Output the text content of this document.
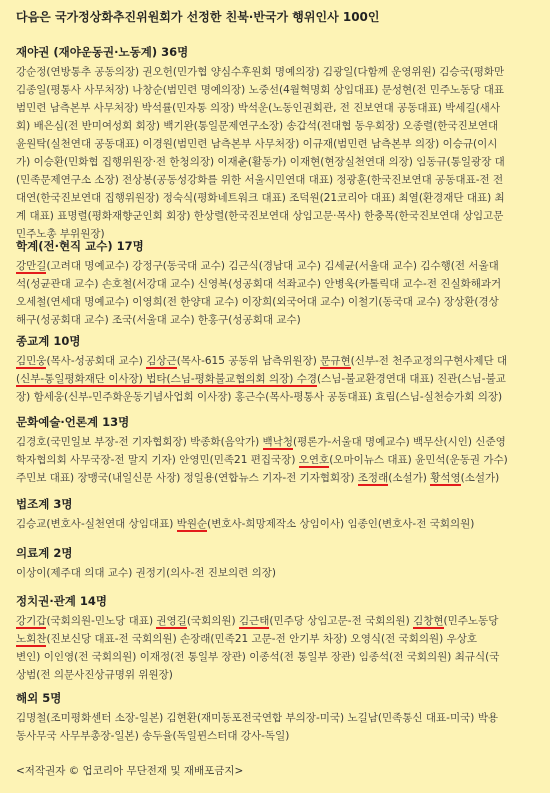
다음은 국가정상화추진위원회가 선정한 친북·반국가 행위인사 100인
재야권 (재야운동권·노동계) 36명
강순정(연방통추 공동의장) 권오헌(민가협 양심수후원회 명예의장) 김광일(다함께 운영위원) 김승국(평화만
김종일(평통사 사무처장) 나창순(범민련 명예의장) 노중선(4월혁명회 상임대표) 문성현(전 민주노동당 대표
범민련 남측본부 사무처장) 박석률(민자통 의장) 박석운(노동인권회관, 전 진보연대 공동대표) 박세길(새사
회) 배은심(전 반미여성회 회장) 백기완(통일문제연구소장) 송갑석(전대협 동우회장) 오종렬(한국진보연대
윤원탁(실천연대 공동대표) 이경원(범민련 남측본부 사무처장) 이규재(범민련 남측본부 의장) 이승규(이시
가) 이승환(민화협 집행위원장·전 한청의장) 이재춘(활동가) 이재현(현장실천연대 의장) 임동규(통일광장 대
(민족문제연구소 소장) 전상봉(공동성강화를 위한 서울시민연대 대표) 정광훈(한국진보연대 공동대표-전 전
대연(한국진보연대 집행위원장) 정숙식(평화네트워크 대표) 조덕원(21코리아 대표) 최열(환경재단 대표) 최
계 대표) 표명렬(평화재향군인회 회장) 한상렬(한국진보연대 상임고문·목사) 한충목(한국진보연대 상임고문
민주노총 부위원장)
학계(전·현직 교수) 17명
강만길(고려대 명예교수) 강정구(동국대 교수) 김근식(경남대 교수) 김세균(서울대 교수) 김수행(전 서울대
석(성균관대 교수) 손호철(서강대 교수) 신영복(성공회대 석좌교수) 안병욱(카톨릭대 교수-전 진실화해과거
오세철(연세대 명예교수) 이영희(전 한양대 교수) 이장희(외국어대 교수) 이철기(동국대 교수) 장상환(경상
해구(성공회대 교수) 조국(서울대 교수) 한홍구(성공회대 교수)
종교계 10명
김민웅(목사-성공회대 교수) 김상근(목사-615 공동위 남측위원장) 문규현(신부-전 천주교정의구현사제단 대
(신부-통일평화재단 이사장) 법타(스님-평화불교협의회 의장) 수경(스님-불교환경연대 대표) 진관(스님-불교
장) 함세웅(신부-민주화운동기념사업회 이사장) 홍근수(목사-평통사 공동대표) 효림(스님-실천승가회 의장)
문화예술·언론계 13명
김경호(국민일보 부장-전 기자협회장) 박종화(음악가) 백낙청(평론가-서울대 명예교수) 백무산(시인) 신준영
학자협의회 사무국장-전 말지 기자) 안영민(민족21 편집국장) 오연호(오마이뉴스 대표) 윤민석(운동권 가수)
주민보 대표) 장맹국(내일신문 사장) 정일용(연합뉴스 기자-전 기자협회장) 조정래(소설가) 황석영(소설가)
법조계 3명
김승교(변호사-실천연대 상임대표) 박원순(변호사-희망제작소 상임이사) 임종인(변호사-전 국회의원)
의료계 2명
이상이(제주대 의대 교수) 권정기(의사-전 진보의련 의장)
정치권·관계 14명
강기갑(국회의원-민노당 대표) 권영길(국회의원) 김근태(민주당 상임고문-전 국회의원) 김창현(민주노동당
노회찬(진보신당 대표-전 국회의원) 손장래(민족21 고문-전 안기부 차장) 오영식(전 국회의원) 우상호
변인) 이인영(전 국회의원) 이재정(전 통일부 장관) 이종석(전 통일부 장관) 임종석(전 국회의원) 최규식(국
상범(전 의문사진상규명위 위원장)
해외 5명
김명철(조미평화센터 소장-일본) 김현환(재미동포전국연합 부의장-미국) 노길남(민족통신 대표-미국) 박용
동사무국 사무부총장-일본) 송두율(독일뮌스터대 강사-독일)
<저작권자 © 업코리아 무단전재 및 재배포금지>
